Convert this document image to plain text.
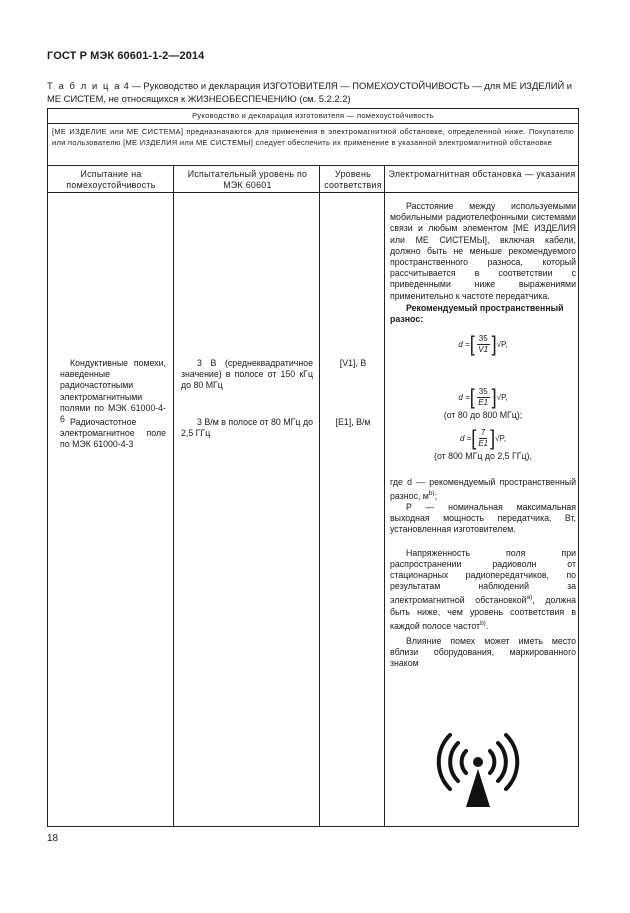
ГОСТ Р МЭК 60601-1-2—2014
Т а б л и ц а 4 — Руководство и декларация ИЗГОТОВИТЕЛЯ — ПОМЕХОУСТОЙЧИВОСТЬ — для МЕ ИЗДЕЛИЙ и МЕ СИСТЕМ, не относящихся к ЖИЗНЕОБЕСПЕЧЕНИЮ (см. 5.2.2.2)
Руководство и декларация изготовителя — помехоустойчивость
[МЕ ИЗДЕЛИЕ или МЕ СИСТЕМА] предназначаются для применения в электромагнитной обстановке, определенной ниже. Покупателю или пользователю [МЕ ИЗДЕЛИЯ или МЕ СИСТЕМЫ] следует обеспечить их применение в указанной электромагнитной обстановке
Испытание на помехоустойчивость
Испытательный уровень по МЭК 60601
Уровень соответствия
Электромагнитная обстановка — указания
Кондуктивные помехи, наведенные радиочастотными электромагнитными полями по МЭК 61000-4-6 Радиочастотное электромагнитное поле по МЭК 61000-4-3
3 В (среднеквадратичное значение) в полосе от 150 кГц до 80 МГц
3 В/м в полосе от 80 МГц до 2,5 ГГц
[V1], В
[E1], В/м
Расстояние между используемыми мобильными радиотелефонными системами связи и любым элементом [МЕ ИЗДЕЛИЯ или МЕ СИСТЕМЫ], включая кабели, должно быть не меньше рекомендуемого пространственного разноса, который рассчитывается в соответствии с приведенными ниже выражениями применительно к частоте передатчика.
Рекомендуемый пространственный разнос:
d = [ $\frac{35}{V1}$ ] √P,
d = [ $\frac{35}{E1}$ ] √P,
(от 80 до 800 МГц);
d = [ $\frac{7}{E1}$ ] √P,
(от 800 МГц до 2,5 ГГц),
где d — рекомендуемый пространственный разнос, $м^{b)}$;
P — номинальная максимальная выходная мощность передатчика, Вт, установленная изготовителем.
Напряженность поля при распространении радиоволн от стационарных радиопередатчиков, по результатам наблюдений за электромагнитной обстановкой$^{а)}$, должна быть ниже, чем уровень соответствия в каждой полосе частот$^{b)}$.
Влияние помех может иметь место вблизи оборудования, маркированного знаком
18
